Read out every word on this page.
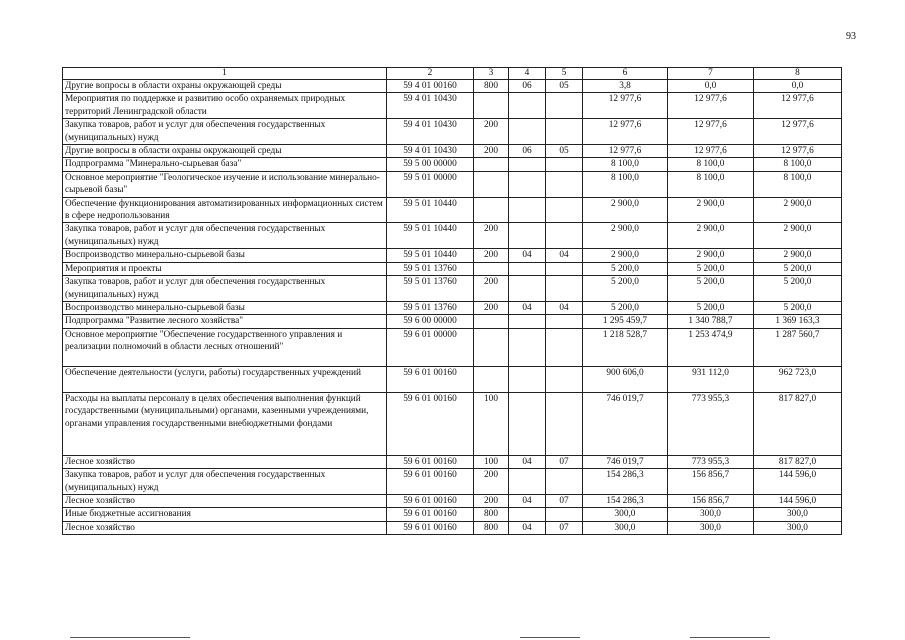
93
1	2	3	4	5	6	7	8
Другие вопросы в области охраны окружающей среды	59 4 01 00160	800	06	05	3,8	0,0	0,0
Мероприятия по поддержке и развитию особо охраняемых природных территорий Ленинградской области	59 4 01 10430				12 977,6	12 977,6	12 977,6
Закупка товаров, работ и услуг для обеспечения государственных (муниципальных) нужд	59 4 01 10430	200			12 977,6	12 977,6	12 977,6
Другие вопросы в области охраны окружающей среды	59 4 01 10430	200	06	05	12 977,6	12 977,6	12 977,6
Подпрограмма "Минерально-сырьевая база"	59 5 00 00000				8 100,0	8 100,0	8 100,0
Основное мероприятие "Геологическое изучение и использование минерально-сырьевой базы"	59 5 01 00000				8 100,0	8 100,0	8 100,0
Обеспечение функционирования автоматизированных информационных систем в сфере недропользования	59 5 01 10440				2 900,0	2 900,0	2 900,0
Закупка товаров, работ и услуг для обеспечения государственных (муниципальных) нужд	59 5 01 10440	200			2 900,0	2 900,0	2 900,0
Воспроизводство минерально-сырьевой базы	59 5 01 10440	200	04	04	2 900,0	2 900,0	2 900,0
Мероприятия и проекты	59 5 01 13760				5 200,0	5 200,0	5 200,0
Закупка товаров, работ и услуг для обеспечения государственных (муниципальных) нужд	59 5 01 13760	200			5 200,0	5 200,0	5 200,0
Воспроизводство минерально-сырьевой базы	59 5 01 13760	200	04	04	5 200,0	5 200,0	5 200,0
Подпрограмма "Развитие лесного хозяйства"	59 6 00 00000				1 295 459,7	1 340 788,7	1 369 163,3
Основное мероприятие "Обеспечение государственного управления и реализации полномочий в области лесных отношений"	59 6 01 00000				1 218 528,7	1 253 474,9	1 287 560,7
Обеспечение деятельности (услуги, работы) государственных учреждений	59 6 01 00160				900 606,0	931 112,0	962 723,0
Расходы на выплаты персоналу в целях обеспечения выполнения функций государственными (муниципальными) органами, казенными учреждениями, органами управления государственными внебюджетными фондами	59 6 01 00160	100			746 019,7	773 955,3	817 827,0
Лесное хозяйство	59 6 01 00160	100	04	07	746 019,7	773 955,3	817 827,0
Закупка товаров, работ и услуг для обеспечения государственных (муниципальных) нужд	59 6 01 00160	200			154 286,3	156 856,7	144 596,0
Лесное хозяйство	59 6 01 00160	200	04	07	154 286,3	156 856,7	144 596,0
Иные бюджетные ассигнования	59 6 01 00160	800			300,0	300,0	300,0
Лесное хозяйство	59 6 01 00160	800	04	07	300,0	300,0	300,0
